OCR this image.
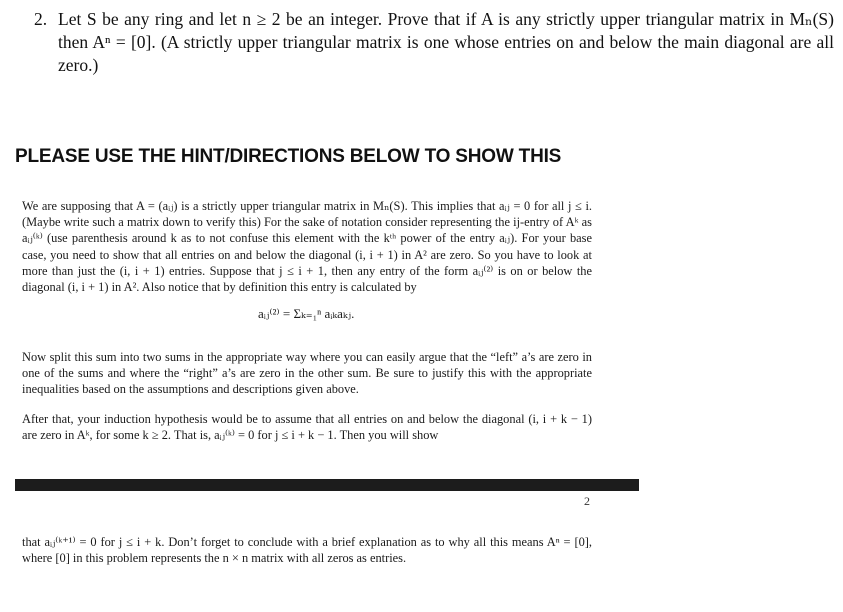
2. Let S be any ring and let n ≥ 2 be an integer. Prove that if A is any strictly upper triangular matrix in Mₙ(S) then Aⁿ = [0]. (A strictly upper triangular matrix is one whose entries on and below the main diagonal are all zero.)
PLEASE USE THE HINT/DIRECTIONS BELOW TO SHOW THIS
We are supposing that A = (aᵢⱼ) is a strictly upper triangular matrix in Mₙ(S). This implies that aᵢⱼ = 0 for all j ≤ i. (Maybe write such a matrix down to verify this) For the sake of notation consider representing the ij-entry of Aᵏ as aᵢⱼ⁽ᵏ⁾ (use parenthesis around k as to not confuse this element with the kᵗʰ power of the entry aᵢⱼ). For your base case, you need to show that all entries on and below the diagonal (i, i + 1) in A² are zero. So you have to look at more than just the (i, i + 1) entries. Suppose that j ≤ i + 1, then any entry of the form aᵢⱼ⁽²⁾ is on or below the diagonal (i, i + 1) in A². Also notice that by definition this entry is calculated by
aᵢⱼ⁽²⁾ = Σₖ₌₁ⁿ aᵢₖaₖⱼ.
Now split this sum into two sums in the appropriate way where you can easily argue that the “left” a’s are zero in one of the sums and where the “right” a’s are zero in the other sum. Be sure to justify this with the appropriate inequalities based on the assumptions and descriptions given above.
After that, your induction hypothesis would be to assume that all entries on and below the diagonal (i, i + k − 1) are zero in Aᵏ, for some k ≥ 2. That is, aᵢⱼ⁽ᵏ⁾ = 0 for j ≤ i + k − 1. Then you will show
2
that aᵢⱼ⁽ᵏ⁺¹⁾ = 0 for j ≤ i + k. Don’t forget to conclude with a brief explanation as to why all this means Aⁿ = [0], where [0] in this problem represents the n × n matrix with all zeros as entries.
